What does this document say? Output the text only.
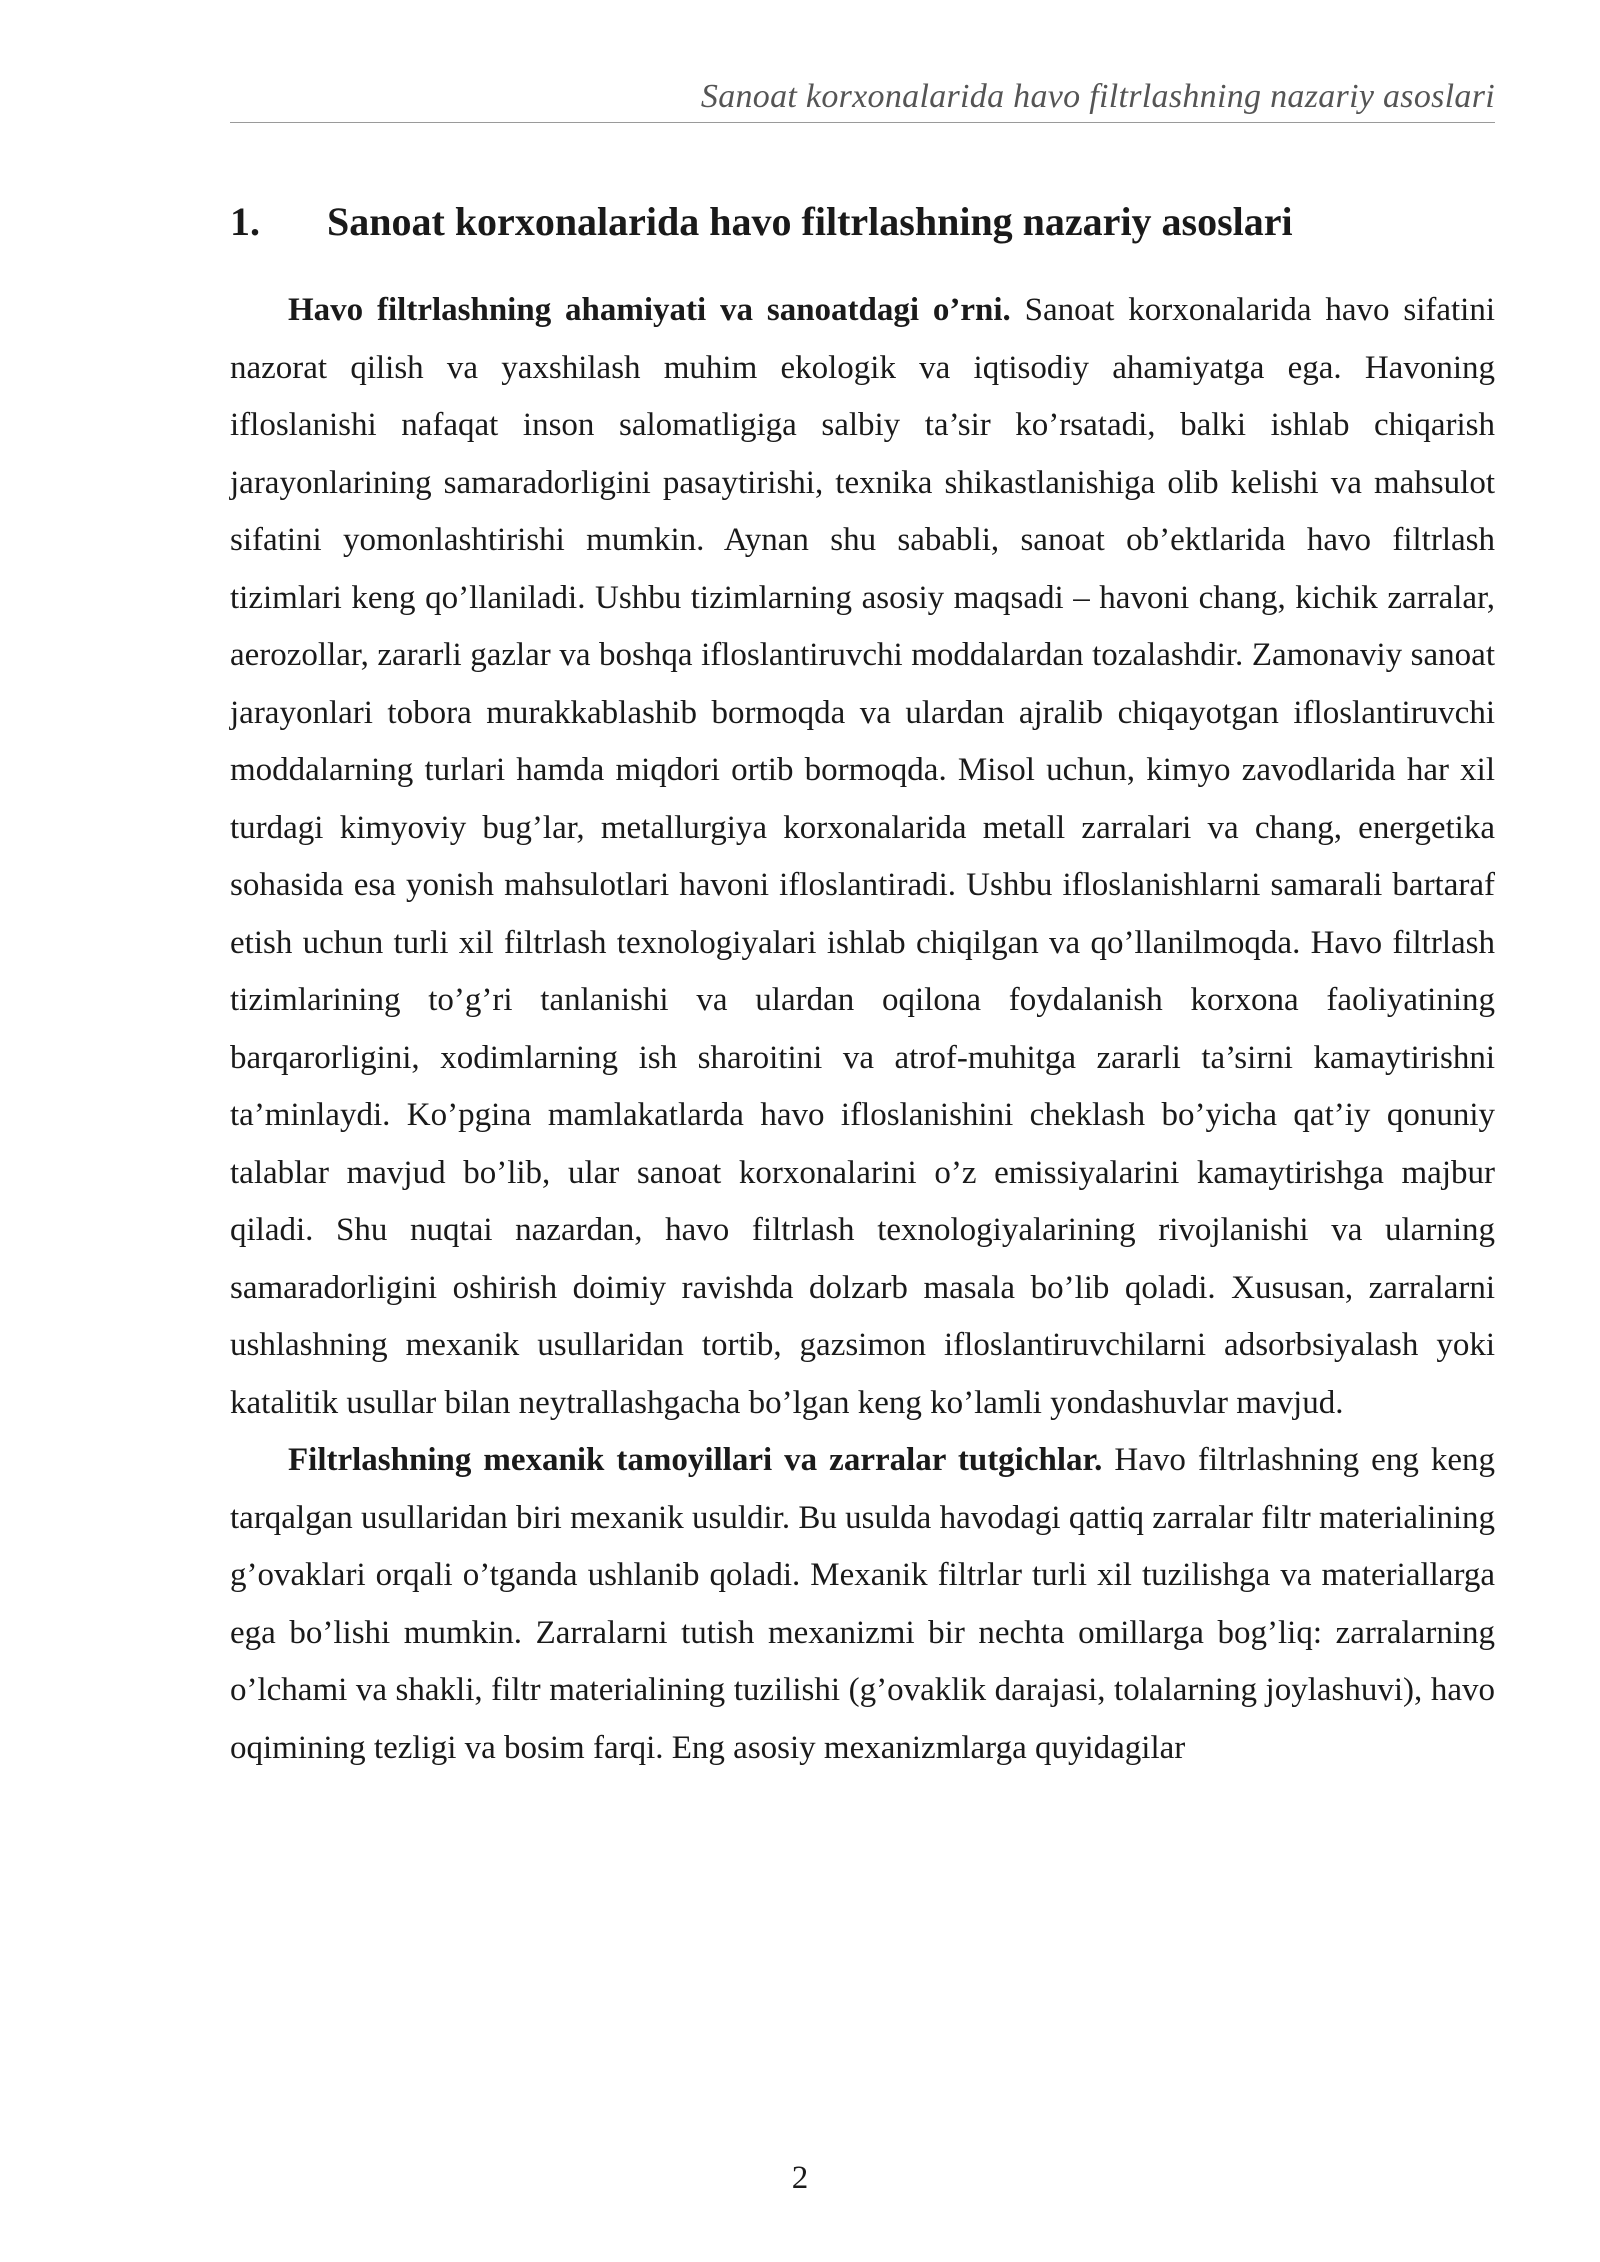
Sanoat korxonalarida havo filtrlashning nazariy asoslari
1. Sanoat korxonalarida havo filtrlashning nazariy asoslari

Havo filtrlashning ahamiyati va sanoatdagi o’rni. Sanoat korxonalarida havo sifatini nazorat qilish va yaxshilash muhim ekologik va iqtisodiy ahamiyatga ega. Havoning ifloslanishi nafaqat inson salomatligiga salbiy ta’sir ko’rsatadi, balki ishlab chiqarish jarayonlarining samaradorligini pasaytirishi, texnika shikastlanishiga olib kelishi va mahsulot sifatini yomonlashtirishi mumkin. Aynan shu sababli, sanoat ob’ektlarida havo filtrlash tizimlari keng qo’llaniladi. Ushbu tizimlarning asosiy maqsadi – havoni chang, kichik zarralar, aerozollar, zararli gazlar va boshqa ifloslantiruvchi moddalardan tozalashdir. Zamonaviy sanoat jarayonlari tobora murakkablashib bormoqda va ulardan ajralib chiqayotgan ifloslantiruvchi moddalarning turlari hamda miqdori ortib bormoqda. Misol uchun, kimyo zavodlarida har xil turdagi kimyoviy bug’lar, metallurgiya korxonalarida metall zarralari va chang, energetika sohasida esa yonish mahsulotlari havoni ifloslantiradi. Ushbu ifloslanishlarni samarali bartaraf etish uchun turli xil filtrlash texnologiyalari ishlab chiqilgan va qo’llanilmoqda. Havo filtrlash tizimlarining to’g’ri tanlanishi va ulardan oqilona foydalanish korxona faoliyatining barqarorligini, xodimlarning ish sharoitini va atrof-muhitga zararli ta’sirni kamaytirishni ta’minlaydi. Ko’pgina mamlakatlarda havo ifloslanishini cheklash bo’yicha qat’iy qonuniy talablar mavjud bo’lib, ular sanoat korxonalarini o’z emissiyalarini kamaytirishga majbur qiladi. Shu nuqtai nazardan, havo filtrlash texnologiyalarining rivojlanishi va ularning samaradorligini oshirish doimiy ravishda dolzarb masala bo’lib qoladi. Xususan, zarralarni ushlashning mexanik usullaridan tortib, gazsimon ifloslantiruvchilarni adsorbsiyalash yoki katalitik usullar bilan neytrallashgacha bo’lgan keng ko’lamli yondashuvlar mavjud.

Filtrlashning mexanik tamoyillari va zarralar tutgichlar. Havo filtrlashning eng keng tarqalgan usullaridan biri mexanik usuldir. Bu usulda havodagi qattiq zarralar filtr materialining g’ovaklari orqali o’tganda ushlanib qoladi. Mexanik filtrlar turli xil tuzilishga va materiallarga ega bo’lishi mumkin. Zarralarni tutish mexanizmi bir nechta omillarga bog’liq: zarralarning o’lchami va shakli, filtr materialining tuzilishi (g’ovaklik darajasi, tolalarning joylashuvi), havo oqimining tezligi va bosim farqi. Eng asosiy mexanizmlarga quyidagilar

2
